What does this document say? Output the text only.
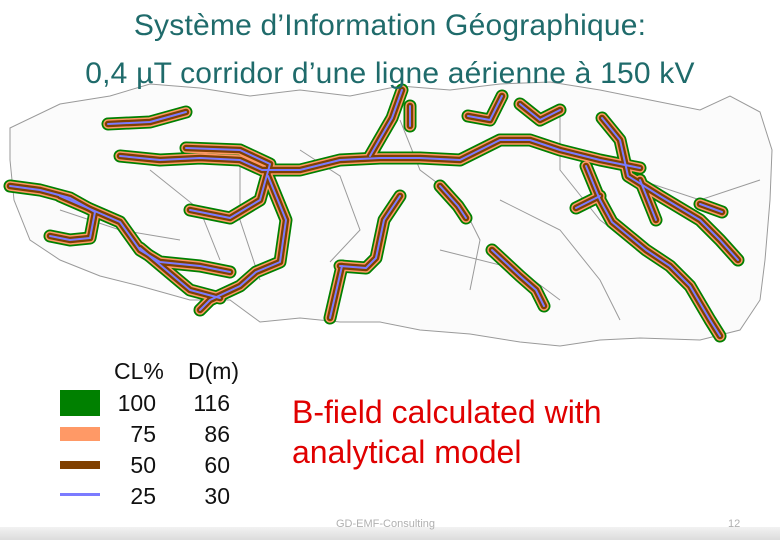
Système d’Information Géographique:
0,4 µT corridor d’une ligne aérienne à 150 kV
CL% D(m)
100	116
75	86
50	60
25	30
B-field calculated with
analytical model
GD-EMF-Consulting	12
